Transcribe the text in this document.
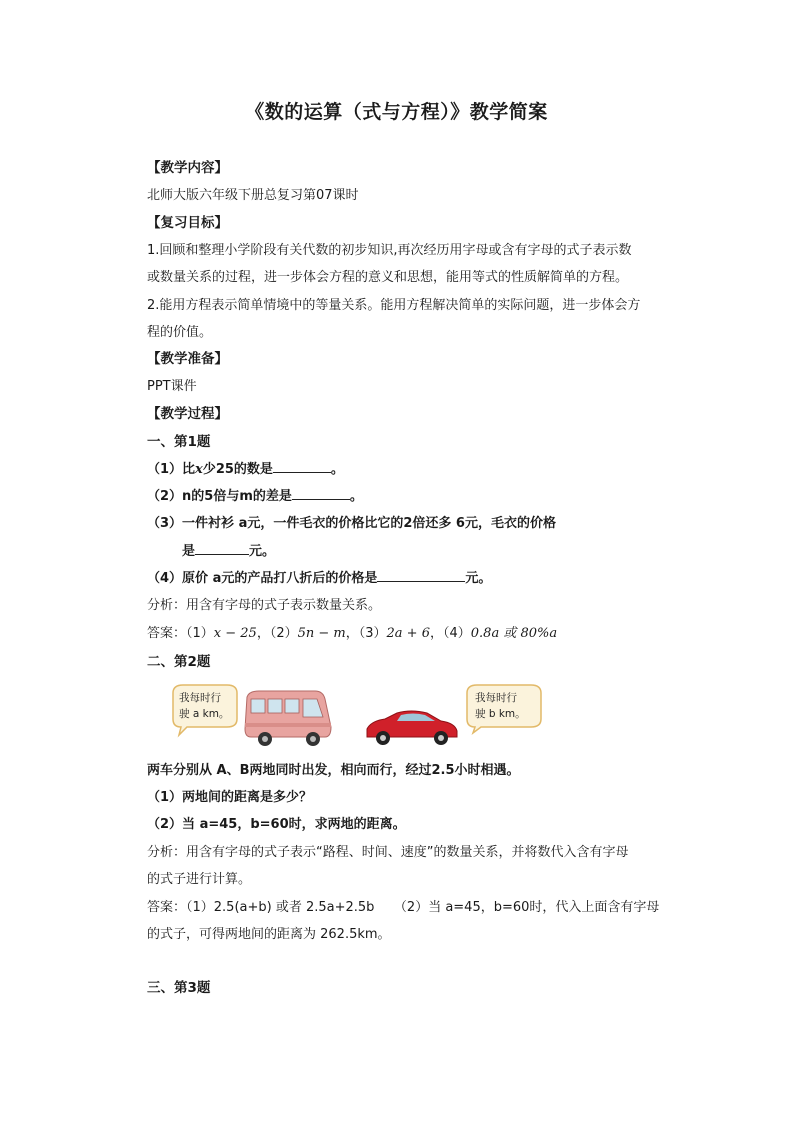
《数的运算（式与方程）》教学简案
【教学内容】
北师大版六年级下册总复习第07课时
【复习目标】
1.回顾和整理小学阶段有关代数的初步知识,再次经历用字母或含有字母的式子表示数
或数量关系的过程，进一步体会方程的意义和思想，能用等式的性质解简单的方程。
2.能用方程表示简单情境中的等量关系。能用方程解决简单的实际问题，进一步体会方
程的价值。
【教学准备】
PPT课件
【教学过程】
一、第1题
（1）比x少25的数是	。
（2）n的5倍与m的差是	。
（3）一件衬衫 a元，一件毛衣的价格比它的2倍还多 6元，毛衣的价格
是	元。
（4）原价 a元的产品打八折后的价格是	元。
分析：用含有字母的式子表示数量关系。
答案：（1）x − 25，（2）5n − m，（3）2a + 6，（4）0.8a 或 80%a
二、第2题
我每时行
驶 a km。
我每时行
驶 b km。
两车分别从 A、B两地同时出发，相向而行，经过2.5小时相遇。
（1）两地间的距离是多少？
（2）当 a=45，b=60时，求两地的距离。
分析：用含有字母的式子表示“路程、时间、速度”的数量关系，并将数代入含有字母
的式子进行计算。
答案：（1）2.5(a+b) 或者 2.5a+2.5b　　（2）当 a=45，b=60时，代入上面含有字母
的式子，可得两地间的距离为 262.5km。
三、第3题
